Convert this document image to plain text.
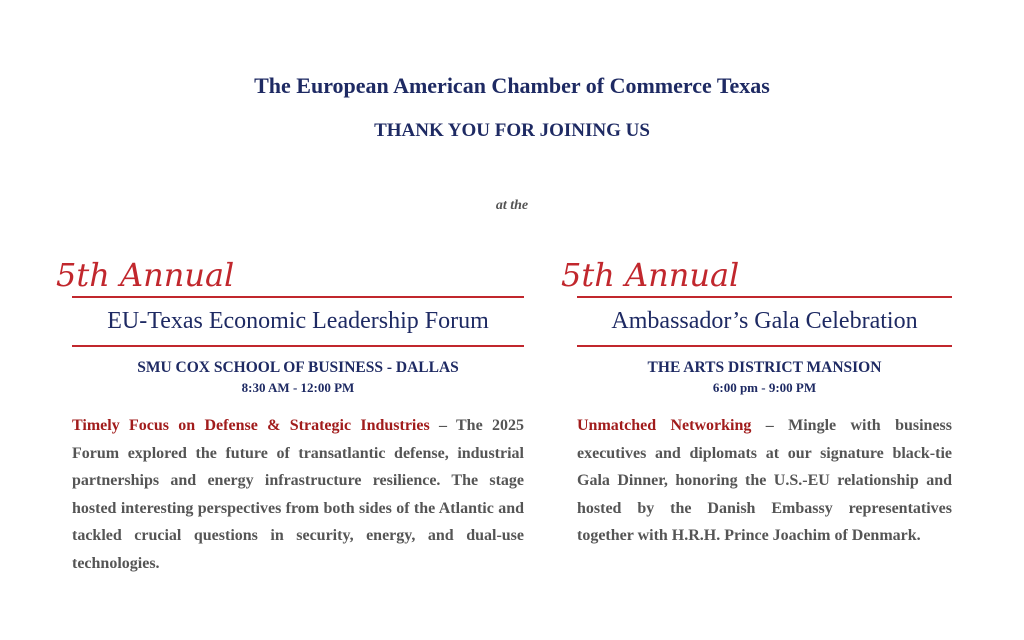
The European American Chamber of Commerce Texas
THANK YOU FOR JOINING US
at the
5th Annual
EU-Texas Economic Leadership Forum
SMU COX SCHOOL OF BUSINESS - DALLAS
8:30 AM - 12:00 PM
Timely Focus on Defense & Strategic Industries – The 2025 Forum explored the future of transatlantic defense, industrial partnerships and energy infrastructure resilience. The stage hosted interesting perspectives from both sides of the Atlantic and tackled crucial questions in security, energy, and dual-use technologies.
5th Annual
Ambassador’s Gala Celebration
THE ARTS DISTRICT MANSION
6:00 pm - 9:00 PM
Unmatched Networking – Mingle with business executives and diplomats at our signature black-tie Gala Dinner, honoring the U.S.-EU relationship and hosted by the Danish Embassy representatives together with H.R.H. Prince Joachim of Denmark.
